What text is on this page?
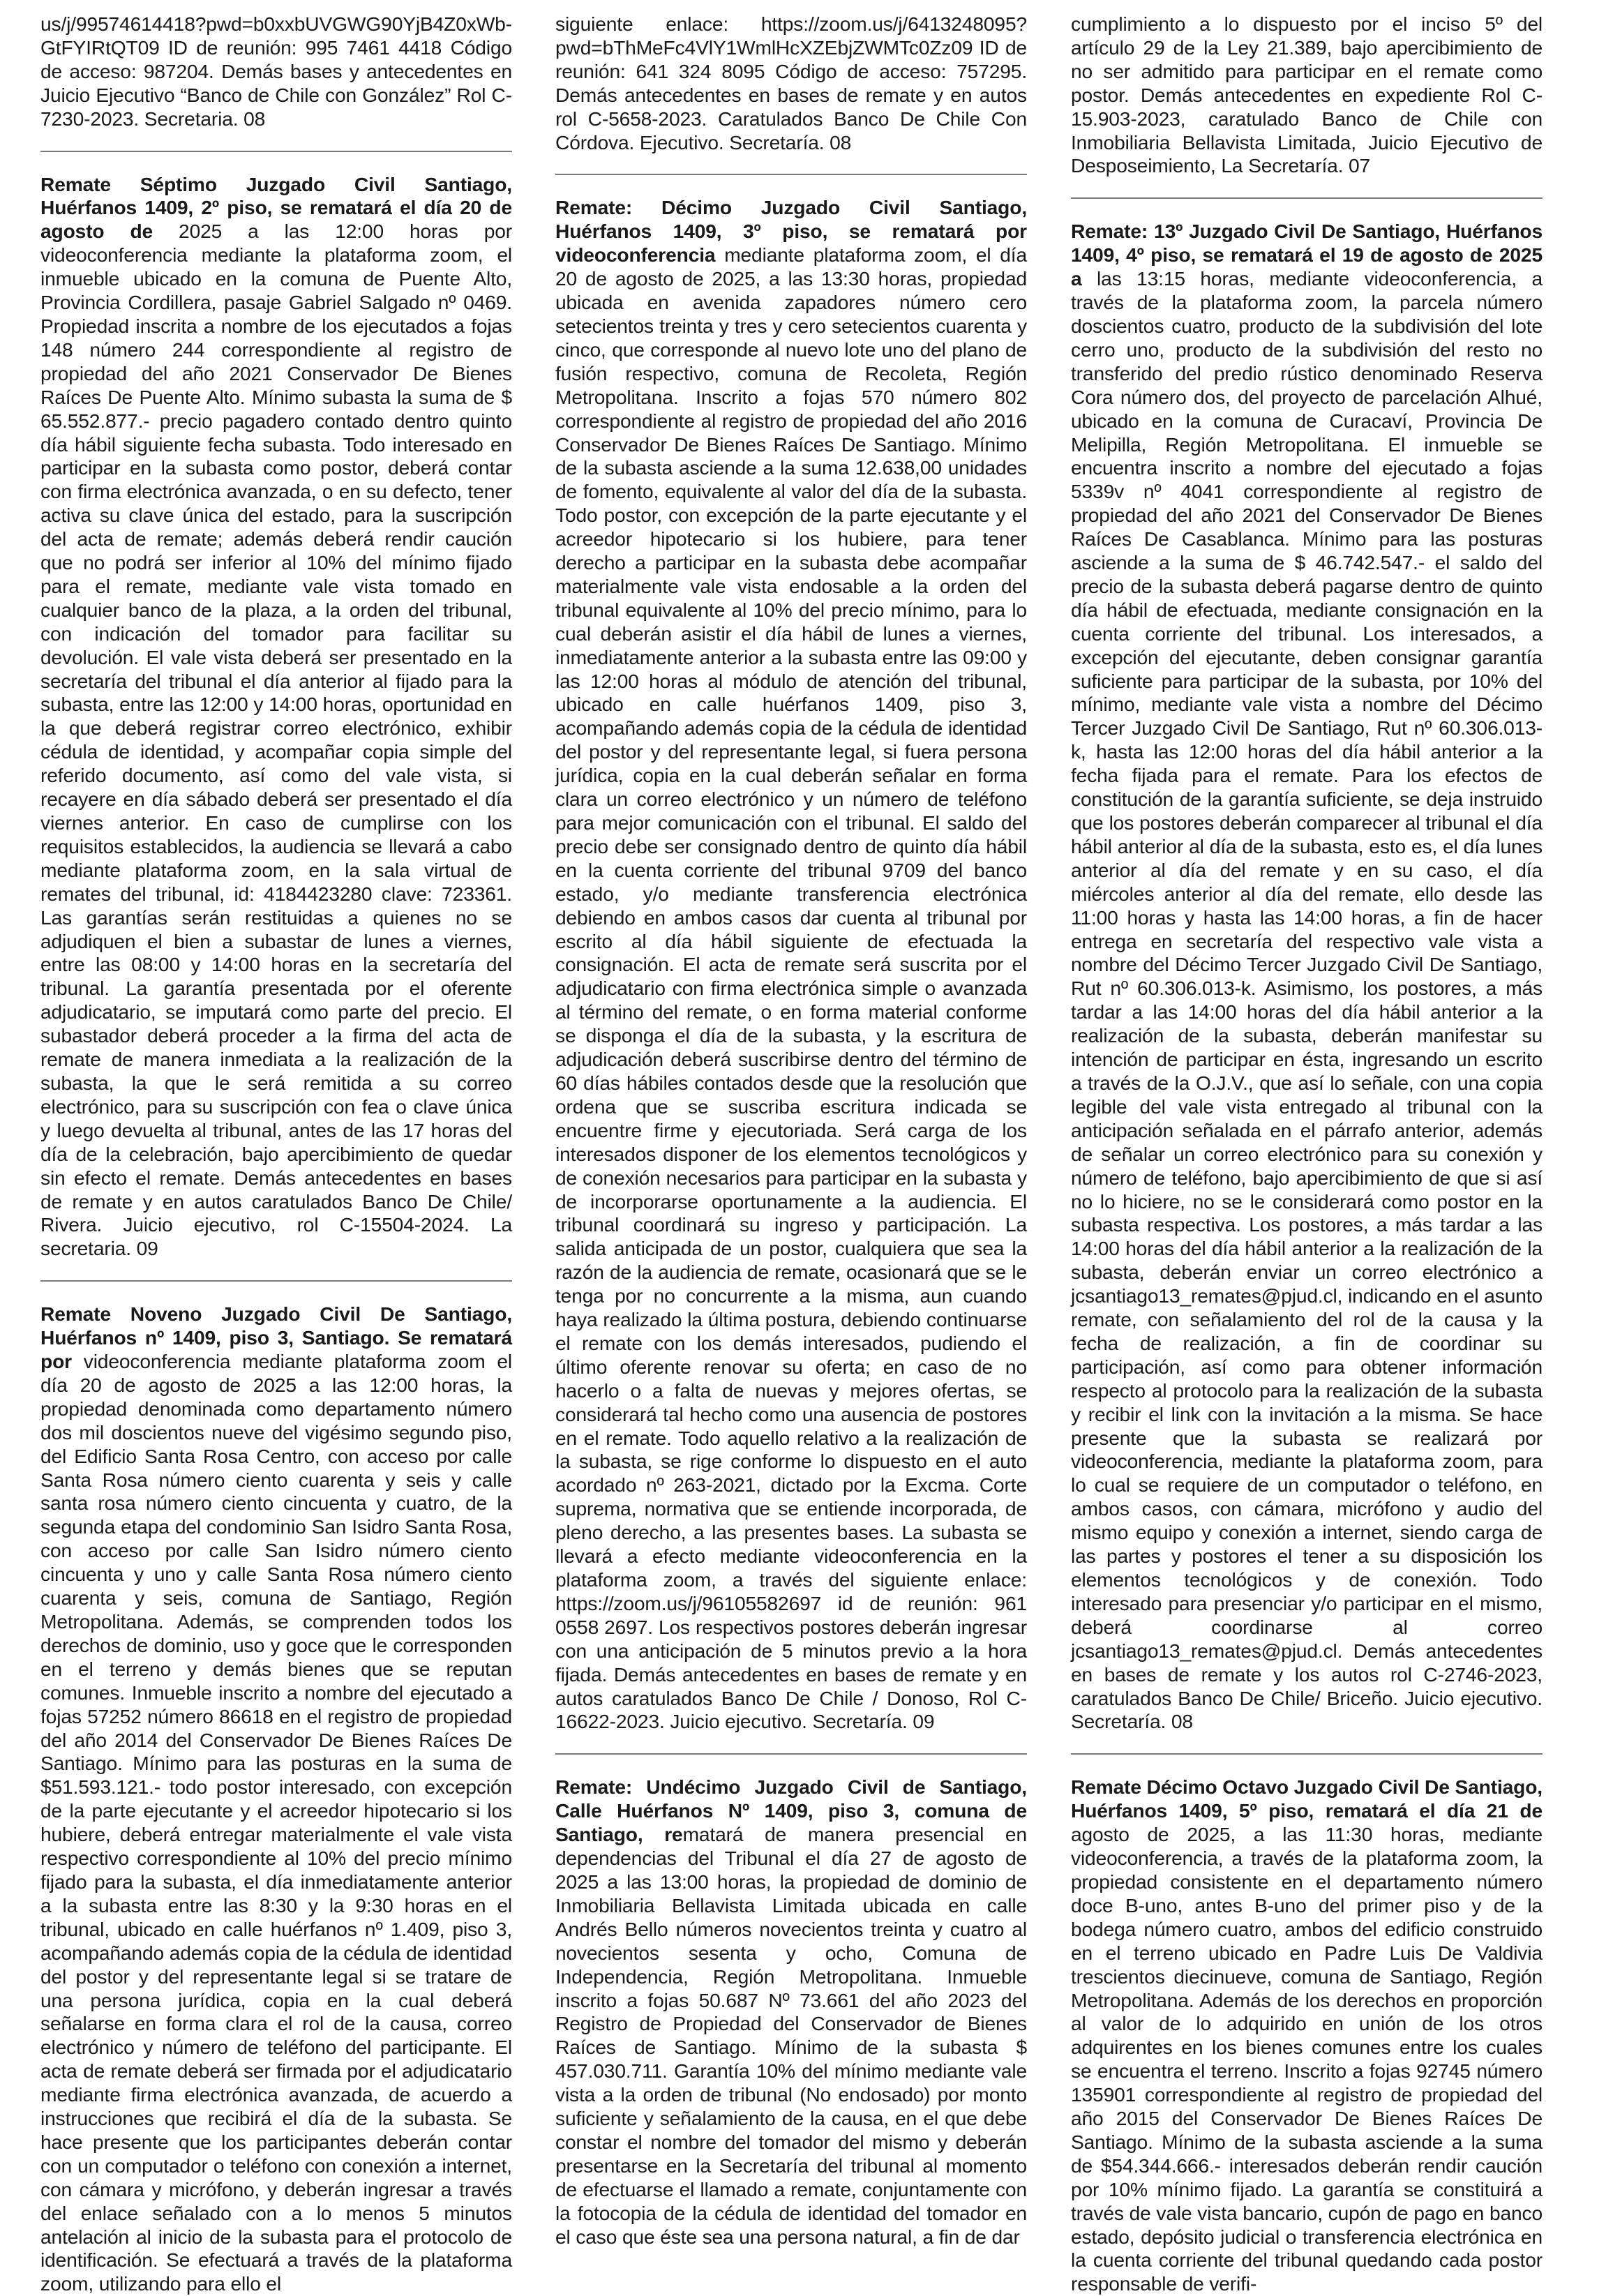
us/j/99574614418?pwd=b0xxbUVGWG90YjB4Z0xWb-GtFYIRtQT09 ID de reunión: 995 7461 4418 Código de acceso: 987204. Demás bases y antecedentes en Juicio Ejecutivo “Banco de Chile con González” Rol C-7230-2023. Secretaria. 08

Remate Séptimo Juzgado Civil Santiago, Huérfanos 1409, 2º piso, se rematará el día 20 de agosto de 2025 a las 12:00 horas por videoconferencia mediante la plataforma zoom, el inmueble ubicado en la comuna de Puente Alto, Provincia Cordillera, pasaje Gabriel Salgado nº 0469. Propiedad inscrita a nombre de los ejecutados a fojas 148 número 244 correspondiente al registro de propiedad del año 2021 Conservador De Bienes Raíces De Puente Alto. Mínimo subasta la suma de $ 65.552.877.- precio pagadero contado dentro quinto día hábil siguiente fecha subasta. Todo interesado en participar en la subasta como postor, deberá contar con firma electrónica avanzada, o en su defecto, tener activa su clave única del estado, para la suscripción del acta de remate; además deberá rendir caución que no podrá ser inferior al 10% del mínimo fijado para el remate, mediante vale vista tomado en cualquier banco de la plaza, a la orden del tribunal, con indicación del tomador para facilitar su devolución. El vale vista deberá ser presentado en la secretaría del tribunal el día anterior al fijado para la subasta, entre las 12:00 y 14:00 horas, oportunidad en la que deberá registrar correo electrónico, exhibir cédula de identidad, y acompañar copia simple del referido documento, así como del vale vista, si recayere en día sábado deberá ser presentado el día viernes anterior. En caso de cumplirse con los requisitos establecidos, la audiencia se llevará a cabo mediante plataforma zoom, en la sala virtual de remates del tribunal, id: 4184423280 clave: 723361. Las garantías serán restituidas a quienes no se adjudiquen el bien a subastar de lunes a viernes, entre las 08:00 y 14:00 horas en la secretaría del tribunal. La garantía presentada por el oferente adjudicatario, se imputará como parte del precio. El subastador deberá proceder a la firma del acta de remate de manera inmediata a la realización de la subasta, la que le será remitida a su correo electrónico, para su suscripción con fea o clave única y luego devuelta al tribunal, antes de las 17 horas del día de la celebración, bajo apercibimiento de quedar sin efecto el remate. Demás antecedentes en bases de remate y en autos caratulados Banco De Chile/ Rivera. Juicio ejecutivo, rol C-15504-2024. La secretaria. 09

Remate Noveno Juzgado Civil De Santiago, Huérfanos nº 1409, piso 3, Santiago. Se rematará por videoconferencia mediante plataforma zoom el día 20 de agosto de 2025 a las 12:00 horas, la propiedad denominada como departamento número dos mil doscientos nueve del vigésimo segundo piso, del Edificio Santa Rosa Centro, con acceso por calle Santa Rosa número ciento cuarenta y seis y calle santa rosa número ciento cincuenta y cuatro, de la segunda etapa del condominio San Isidro Santa Rosa, con acceso por calle San Isidro número ciento cincuenta y uno y calle Santa Rosa número ciento cuarenta y seis, comuna de Santiago, Región Metropolitana. Además, se comprenden todos los derechos de dominio, uso y goce que le corresponden en el terreno y demás bienes que se reputan comunes. Inmueble inscrito a nombre del ejecutado a fojas 57252 número 86618 en el registro de propiedad del año 2014 del Conservador De Bienes Raíces De Santiago. Mínimo para las posturas en la suma de $51.593.121.- todo postor interesado, con excepción de la parte ejecutante y el acreedor hipotecario si los hubiere, deberá entregar materialmente el vale vista respectivo correspondiente al 10% del precio mínimo fijado para la subasta, el día inmediatamente anterior a la subasta entre las 8:30 y la 9:30 horas en el tribunal, ubicado en calle huérfanos nº 1.409, piso 3, acompañando además copia de la cédula de identidad del postor y del representante legal si se tratare de una persona jurídica, copia en la cual deberá señalarse en forma clara el rol de la causa, correo electrónico y número de teléfono del participante. El acta de remate deberá ser firmada por el adjudicatario mediante firma electrónica avanzada, de acuerdo a instrucciones que recibirá el día de la subasta. Se hace presente que los participantes deberán contar con un computador o teléfono con conexión a internet, con cámara y micrófono, y deberán ingresar a través del enlace señalado con a lo menos 5 minutos antelación al inicio de la subasta para el protocolo de identificación. Se efectuará a través de la plataforma zoom, utilizando para ello el

siguiente enlace: https://zoom.us/j/6413248095?pwd=bThMeFc4VlY1WmlHcXZEbjZWMTc0Zz09 ID de reunión: 641 324 8095 Código de acceso: 757295. Demás antecedentes en bases de remate y en autos rol C-5658-2023. Caratulados Banco De Chile Con Córdova. Ejecutivo. Secretaría. 08

Remate: Décimo Juzgado Civil Santiago, Huérfanos 1409, 3º piso, se rematará por videoconferencia mediante plataforma zoom, el día 20 de agosto de 2025, a las 13:30 horas, propiedad ubicada en avenida zapadores número cero setecientos treinta y tres y cero setecientos cuarenta y cinco, que corresponde al nuevo lote uno del plano de fusión respectivo, comuna de Recoleta, Región Metropolitana. Inscrito a fojas 570 número 802 correspondiente al registro de propiedad del año 2016 Conservador De Bienes Raíces De Santiago. Mínimo de la subasta asciende a la suma 12.638,00 unidades de fomento, equivalente al valor del día de la subasta. Todo postor, con excepción de la parte ejecutante y el acreedor hipotecario si los hubiere, para tener derecho a participar en la subasta debe acompañar materialmente vale vista endosable a la orden del tribunal equivalente al 10% del precio mínimo, para lo cual deberán asistir el día hábil de lunes a viernes, inmediatamente anterior a la subasta entre las 09:00 y las 12:00 horas al módulo de atención del tribunal, ubicado en calle huérfanos 1409, piso 3, acompañando además copia de la cédula de identidad del postor y del representante legal, si fuera persona jurídica, copia en la cual deberán señalar en forma clara un correo electrónico y un número de teléfono para mejor comunicación con el tribunal. El saldo del precio debe ser consignado dentro de quinto día hábil en la cuenta corriente del tribunal 9709 del banco estado, y/o mediante transferencia electrónica debiendo en ambos casos dar cuenta al tribunal por escrito al día hábil siguiente de efectuada la consignación. El acta de remate será suscrita por el adjudicatario con firma electrónica simple o avanzada al término del remate, o en forma material conforme se disponga el día de la subasta, y la escritura de adjudicación deberá suscribirse dentro del término de 60 días hábiles contados desde que la resolución que ordena que se suscriba escritura indicada se encuentre firme y ejecutoriada. Será carga de los interesados disponer de los elementos tecnológicos y de conexión necesarios para participar en la subasta y de incorporarse oportunamente a la audiencia. El tribunal coordinará su ingreso y participación. La salida anticipada de un postor, cualquiera que sea la razón de la audiencia de remate, ocasionará que se le tenga por no concurrente a la misma, aun cuando haya realizado la última postura, debiendo continuarse el remate con los demás interesados, pudiendo el último oferente renovar su oferta; en caso de no hacerlo o a falta de nuevas y mejores ofertas, se considerará tal hecho como una ausencia de postores en el remate. Todo aquello relativo a la realización de la subasta, se rige conforme lo dispuesto en el auto acordado nº 263-2021, dictado por la Excma. Corte suprema, normativa que se entiende incorporada, de pleno derecho, a las presentes bases. La subasta se llevará a efecto mediante videoconferencia en la plataforma zoom, a través del siguiente enlace: https://zoom.us/j/96105582697 id de reunión: 961 0558 2697. Los respectivos postores deberán ingresar con una anticipación de 5 minutos previo a la hora fijada. Demás antecedentes en bases de remate y en autos caratulados Banco De Chile / Donoso, Rol C-16622-2023. Juicio ejecutivo. Secretaría. 09

Remate: Undécimo Juzgado Civil de Santiago, Calle Huérfanos Nº 1409, piso 3, comuna de Santiago, rematará de manera presencial en dependencias del Tribunal el día 27 de agosto de 2025 a las 13:00 horas, la propiedad de dominio de Inmobiliaria Bellavista Limitada ubicada en calle Andrés Bello números novecientos treinta y cuatro al novecientos sesenta y ocho, Comuna de Independencia, Región Metropolitana. Inmueble inscrito a fojas 50.687 Nº 73.661 del año 2023 del Registro de Propiedad del Conservador de Bienes Raíces de Santiago. Mínimo de la subasta $ 457.030.711. Garantía 10% del mínimo mediante vale vista a la orden de tribunal (No endosado) por monto suficiente y señalamiento de la causa, en el que debe constar el nombre del tomador del mismo y deberán presentarse en la Secretaría del tribunal al momento de efectuarse el llamado a remate, conjuntamente con la fotocopia de la cédula de identidad del tomador en el caso que éste sea una persona natural, a fin de dar

cumplimiento a lo dispuesto por el inciso 5º del artículo 29 de la Ley 21.389, bajo apercibimiento de no ser admitido para participar en el remate como postor. Demás antecedentes en expediente Rol C-15.903-2023, caratulado Banco de Chile con Inmobiliaria Bellavista Limitada, Juicio Ejecutivo de Desposeimiento, La Secretaría. 07

Remate: 13º Juzgado Civil De Santiago, Huérfanos 1409, 4º piso, se rematará el 19 de agosto de 2025 a las 13:15 horas, mediante videoconferencia, a través de la plataforma zoom, la parcela número doscientos cuatro, producto de la subdivisión del lote cerro uno, producto de la subdivisión del resto no transferido del predio rústico denominado Reserva Cora número dos, del proyecto de parcelación Alhué, ubicado en la comuna de Curacaví, Provincia De Melipilla, Región Metropolitana. El inmueble se encuentra inscrito a nombre del ejecutado a fojas 5339v nº 4041 correspondiente al registro de propiedad del año 2021 del Conservador De Bienes Raíces De Casablanca. Mínimo para las posturas asciende a la suma de $ 46.742.547.- el saldo del precio de la subasta deberá pagarse dentro de quinto día hábil de efectuada, mediante consignación en la cuenta corriente del tribunal. Los interesados, a excepción del ejecutante, deben consignar garantía suficiente para participar de la subasta, por 10% del mínimo, mediante vale vista a nombre del Décimo Tercer Juzgado Civil De Santiago, Rut nº 60.306.013-k, hasta las 12:00 horas del día hábil anterior a la fecha fijada para el remate. Para los efectos de constitución de la garantía suficiente, se deja instruido que los postores deberán comparecer al tribunal el día hábil anterior al día de la subasta, esto es, el día lunes anterior al día del remate y en su caso, el día miércoles anterior al día del remate, ello desde las 11:00 horas y hasta las 14:00 horas, a fin de hacer entrega en secretaría del respectivo vale vista a nombre del Décimo Tercer Juzgado Civil De Santiago, Rut nº 60.306.013-k. Asimismo, los postores, a más tardar a las 14:00 horas del día hábil anterior a la realización de la subasta, deberán manifestar su intención de participar en ésta, ingresando un escrito a través de la O.J.V., que así lo señale, con una copia legible del vale vista entregado al tribunal con la anticipación señalada en el párrafo anterior, además de señalar un correo electrónico para su conexión y número de teléfono, bajo apercibimiento de que si así no lo hiciere, no se le considerará como postor en la subasta respectiva. Los postores, a más tardar a las 14:00 horas del día hábil anterior a la realización de la subasta, deberán enviar un correo electrónico a jcsantiago13_remates@pjud.cl, indicando en el asunto remate, con señalamiento del rol de la causa y la fecha de realización, a fin de coordinar su participación, así como para obtener información respecto al protocolo para la realización de la subasta y recibir el link con la invitación a la misma. Se hace presente que la subasta se realizará por videoconferencia, mediante la plataforma zoom, para lo cual se requiere de un computador o teléfono, en ambos casos, con cámara, micrófono y audio del mismo equipo y conexión a internet, siendo carga de las partes y postores el tener a su disposición los elementos tecnológicos y de conexión. Todo interesado para presenciar y/o participar en el mismo, deberá coordinarse al correo jcsantiago13_remates@pjud.cl. Demás antecedentes en bases de remate y los autos rol C-2746-2023, caratulados Banco De Chile/ Briceño. Juicio ejecutivo. Secretaría. 08

Remate Décimo Octavo Juzgado Civil De Santiago, Huérfanos 1409, 5º piso, rematará el día 21 de agosto de 2025, a las 11:30 horas, mediante videoconferencia, a través de la plataforma zoom, la propiedad consistente en el departamento número doce B-uno, antes B-uno del primer piso y de la bodega número cuatro, ambos del edificio construido en el terreno ubicado en Padre Luis De Valdivia trescientos diecinueve, comuna de Santiago, Región Metropolitana. Además de los derechos en proporción al valor de lo adquirido en unión de los otros adquirentes en los bienes comunes entre los cuales se encuentra el terreno. Inscrito a fojas 92745 número 135901 correspondiente al registro de propiedad del año 2015 del Conservador De Bienes Raíces De Santiago. Mínimo de la subasta asciende a la suma de $54.344.666.- interesados deberán rendir caución por 10% mínimo fijado. La garantía se constituirá a través de vale vista bancario, cupón de pago en banco estado, depósito judicial o transferencia electrónica en la cuenta corriente del tribunal quedando cada postor responsable de verifi-
